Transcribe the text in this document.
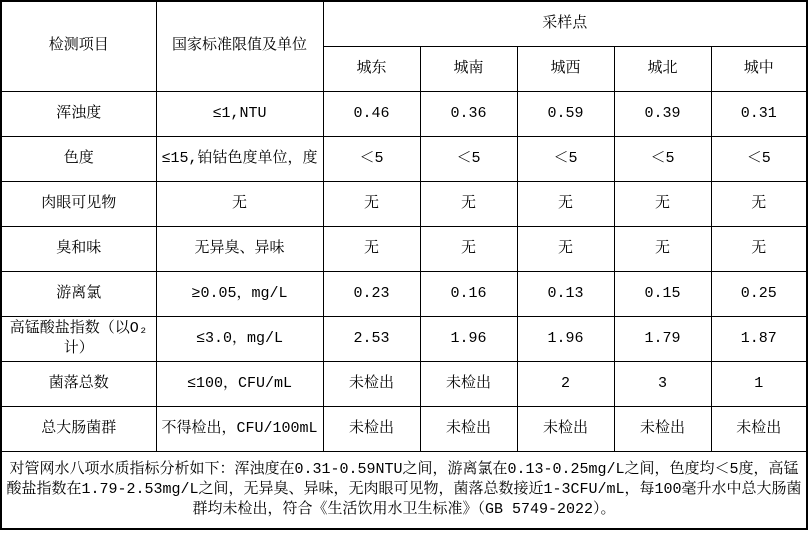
检测项目	国家标准限值及单位	采样点				
		城东	城南	城西	城北	城中
浑浊度	≤1,NTU	0.46	0.36	0.59	0.39	0.31
色度	≤15,铂钴色度单位，度	＜5	＜5	＜5	＜5	＜5
肉眼可见物	无	无	无	无	无	无
臭和味	无异臭、异味	无	无	无	无	无
游离氯	≥0.05，mg/L	0.23	0.16	0.13	0.15	0.25
高锰酸盐指数（以O₂计）	≤3.0，mg/L	2.53	1.96	1.96	1.79	1.87
菌落总数	≤100，CFU/mL	未检出	未检出	2	3	1
总大肠菌群	不得检出，CFU/100mL	未检出	未检出	未检出	未检出	未检出
对管网水八项水质指标分析如下：浑浊度在0.31-0.59NTU之间，游离氯在0.13-0.25mg/L之间，色度均＜5度，高锰酸盐指数在1.79-2.53mg/L之间，无异臭、异味，无肉眼可见物，菌落总数接近1-3CFU/mL，每100毫升水中总大肠菌群均未检出，符合《生活饮用水卫生标准》（GB 5749-2022）。						
